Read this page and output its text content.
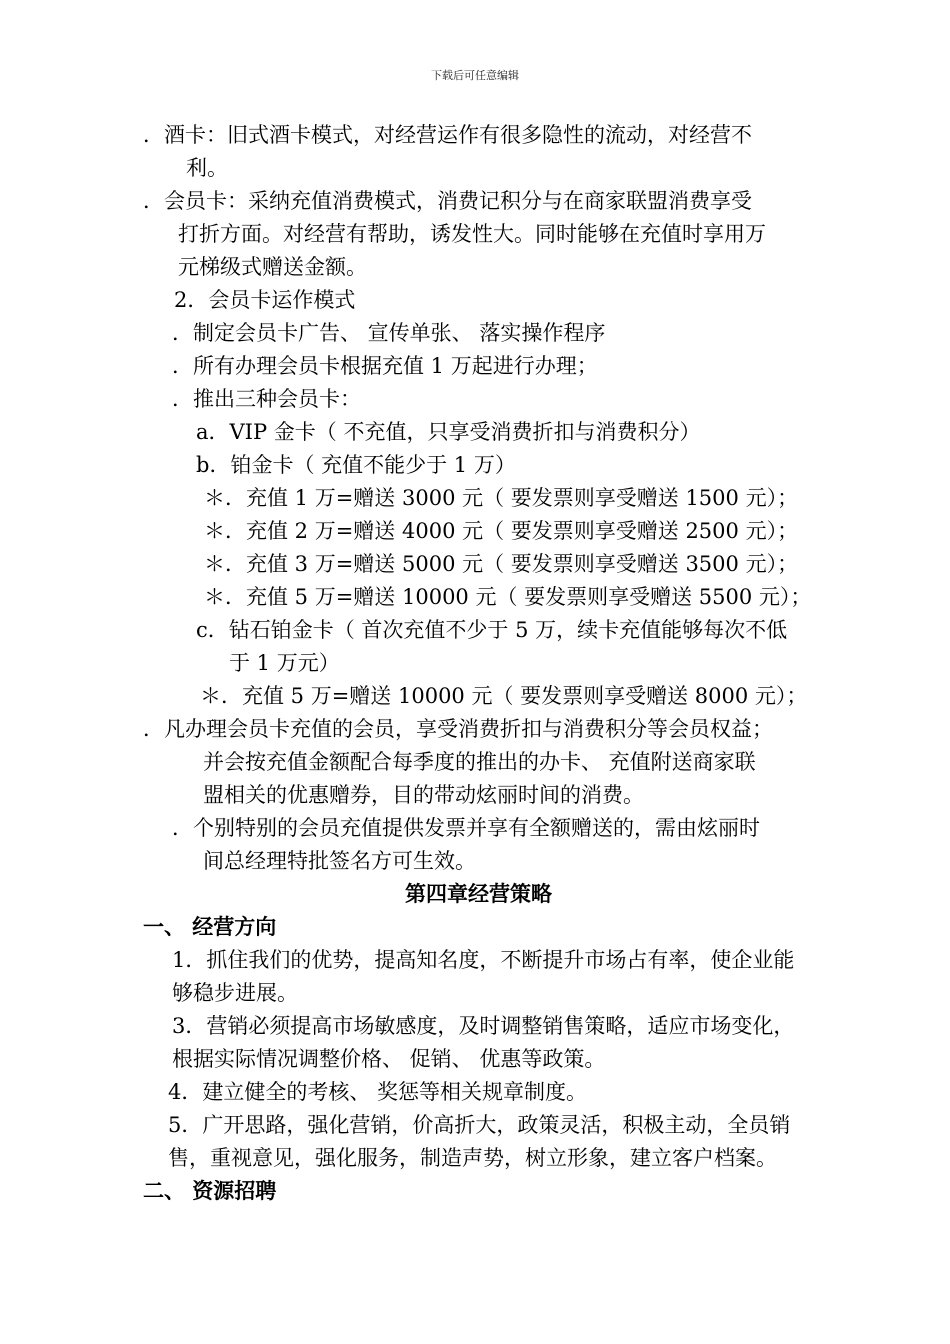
下载后可任意编辑
．酒卡：旧式酒卡模式，对经营运作有很多隐性的流动，对经营不
利。
．会员卡：采纳充值消费模式，消费记积分与在商家联盟消费享受
打折方面。对经营有帮助，诱发性大。同时能够在充值时享用万
元梯级式赠送金额。
2．会员卡运作模式
．制定会员卡广告、 宣传单张、 落实操作程序
．所有办理会员卡根据充值 1 万起进行办理；
．推出三种会员卡：
a．VIP 金卡（ 不充值，只享受消费折扣与消费积分）
b．铂金卡（ 充值不能少于 1 万）
＊．充值 1 万=赠送 3000 元（ 要发票则享受赠送 1500 元）；
＊．充值 2 万=赠送 4000 元（ 要发票则享受赠送 2500 元）；
＊．充值 3 万=赠送 5000 元（ 要发票则享受赠送 3500 元）；
＊．充值 5 万=赠送 10000 元（ 要发票则享受赠送 5500 元）；
c．钻石铂金卡（ 首次充值不少于 5 万，续卡充值能够每次不低
于 1 万元）
＊．充值 5 万=赠送 10000 元（ 要发票则享受赠送 8000 元）；
．凡办理会员卡充值的会员，享受消费折扣与消费积分等会员权益；
并会按充值金额配合每季度的推出的办卡、 充值附送商家联
盟相关的优惠赠券，目的带动炫丽时间的消费。
．个别特别的会员充值提供发票并享有全额赠送的，需由炫丽时
间总经理特批签名方可生效。
第四章经营策略
一、 经营方向
1．抓住我们的优势，提高知名度，不断提升市场占有率，使企业能
够稳步进展。
3．营销必须提高市场敏感度，及时调整销售策略，适应市场变化，
根据实际情况调整价格、 促销、 优惠等政策。
4．建立健全的考核、 奖惩等相关规章制度。
5．广开思路，强化营销，价高折大，政策灵活，积极主动，全员销
售，重视意见，强化服务，制造声势，树立形象，建立客户档案。
二、 资源招聘
